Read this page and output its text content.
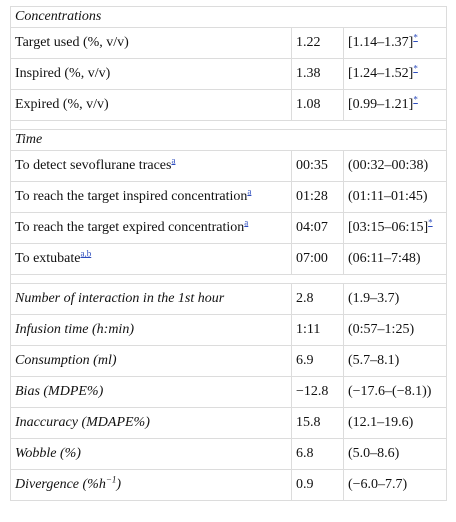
Concentrations		
Target used (%, v/v)	1.22	[1.14–1.37]*
Inspired (%, v/v)	1.38	[1.24–1.52]*
Expired (%, v/v)	1.08	[0.99–1.21]*

Time		
To detect sevoflurane traces$^a$	00:35	(00:32–00:38)
To reach the target inspired concentration$^a$	01:28	(01:11–01:45)
To reach the target expired concentration$^a$	04:07	[03:15–06:15]*
To extubate$^{a,b}$	07:00	(06:11–7:48)

Number of interaction in the 1st hour	2.8	(1.9–3.7)
Infusion time (h:min)	1:11	(0:57–1:25)
Consumption (ml)	6.9	(5.7–8.1)
Bias (MDPE%)	−12.8	(−17.6–(−8.1))
Inaccuracy (MDAPE%)	15.8	(12.1–19.6)
Wobble (%)	6.8	(5.0–8.6)
Divergence $(\%h^{-1})$	0.9	(−6.0–7.7)
